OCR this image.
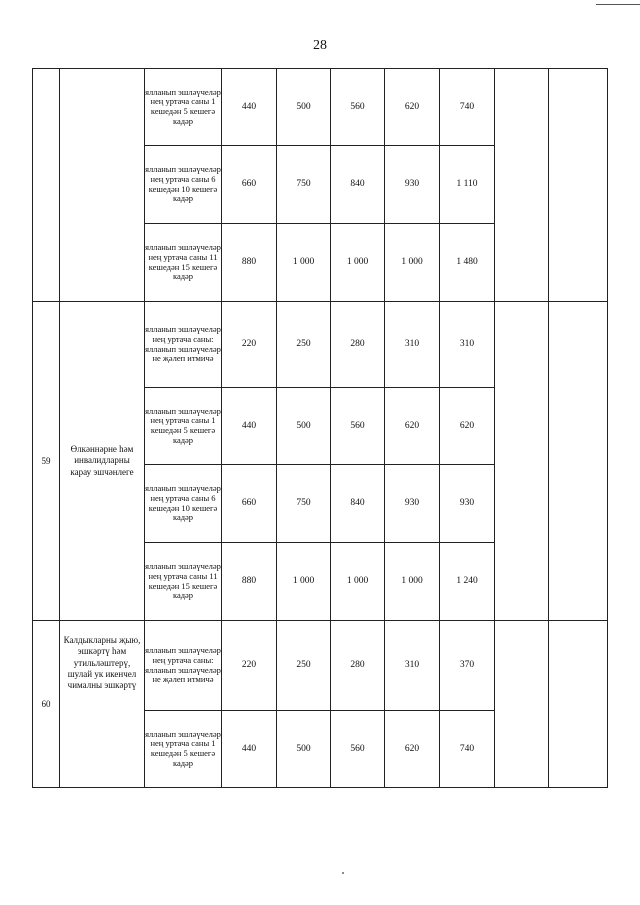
28
		ялланып эшләүчеләр нең уртача саны 1 кешедән 5 кешегә кадәр	440	500	560	620	740		
		ялланып эшләүчеләр нең уртача саны 6 кешедән 10 кешегә кадәр	660	750	840	930	1 110		
		ялланып эшләүчеләр нең уртача саны 11 кешедән 15 кешегә кадәр	880	1 000	1 000	1 000	1 480		
59	Өлкәннәрне һәм инвалидларны карау эшчәнлеге	ялланып эшләүчеләр нең уртача саны: ялланып эшләүчеләр не җәлеп итмичә	220	250	280	310	310		
		ялланып эшләүчеләр нең уртача саны 1 кешедән 5 кешегә кадәр	440	500	560	620	620		
		ялланып эшләүчеләр нең уртача саны 6 кешедән 10 кешегә кадәр	660	750	840	930	930		
		ялланып эшләүчеләр нең уртача саны 11 кешедән 15 кешегә кадәр	880	1 000	1 000	1 000	1 240		
60	Калдыкларны җыю, эшкәртү һәм утильләштерү, шулай ук икенчел чималны эшкәртү	ялланып эшләүчеләр нең уртача саны: ялланып эшләүчеләр не җәлеп итмичә	220	250	280	310	370		
		ялланып эшләүчеләр нең уртача саны 1 кешедән 5 кешегә кадәр	440	500	560	620	740		
